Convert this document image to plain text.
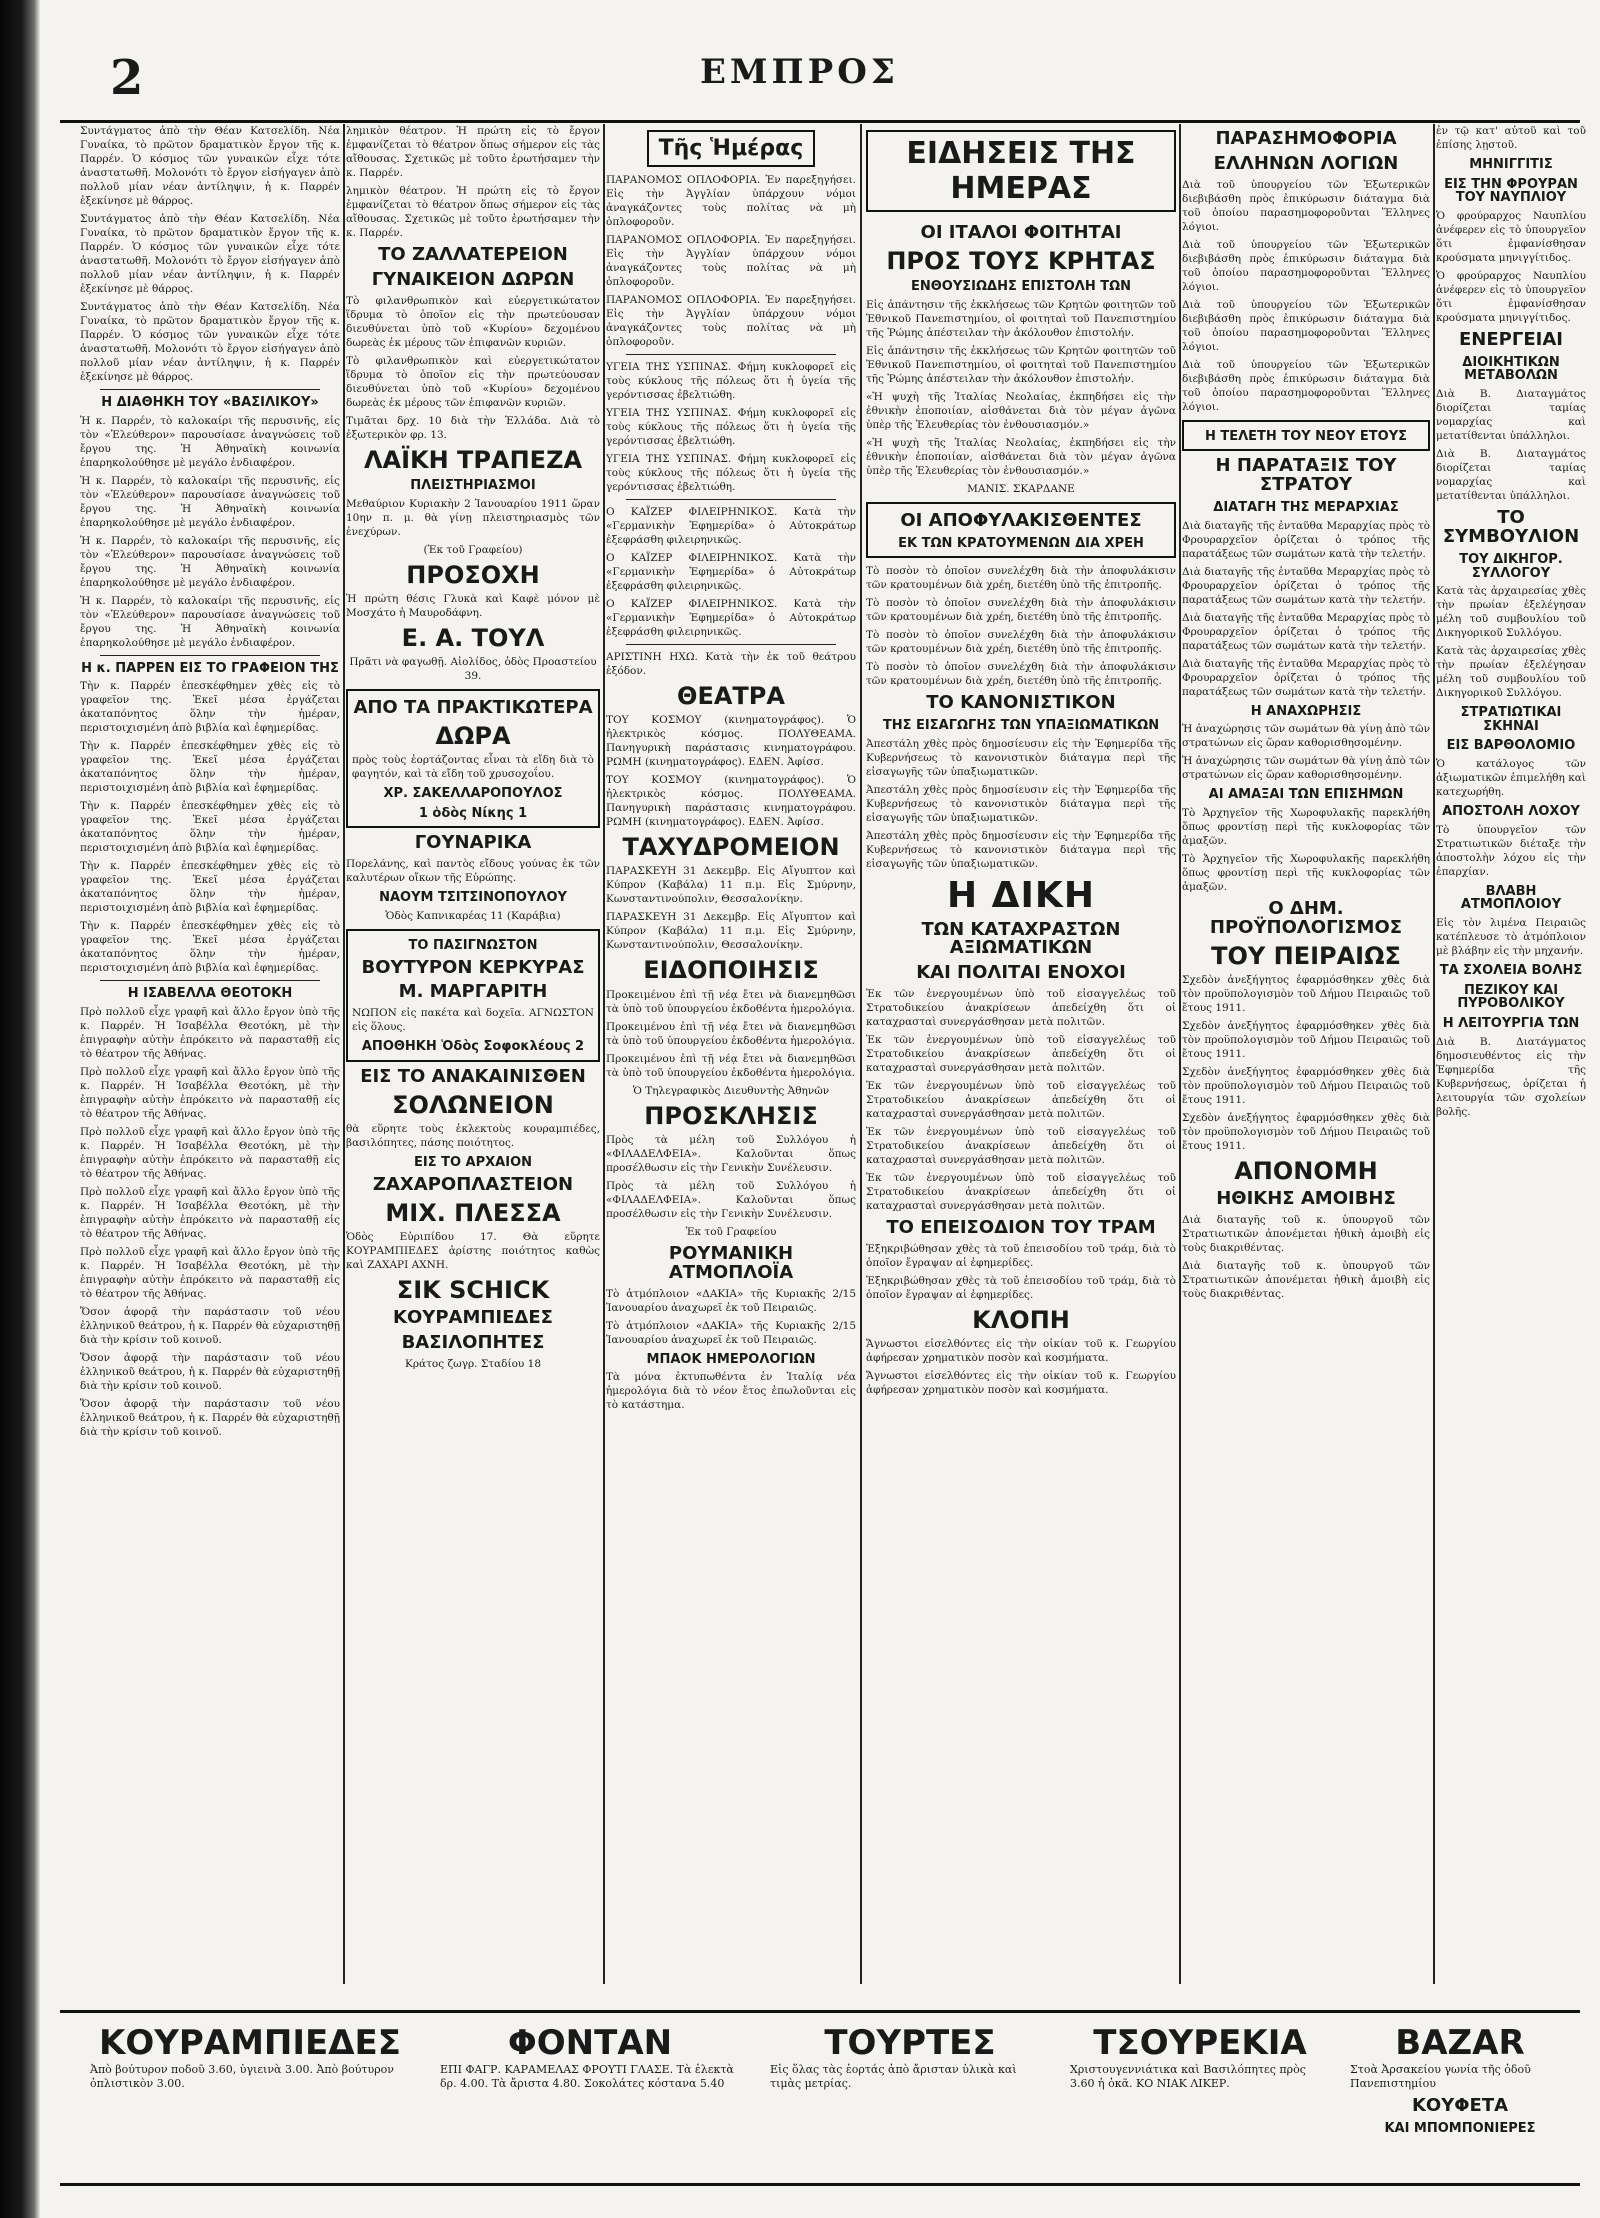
2	ΕΜΠΡΟΣ

Συντάγματος ἀπὸ τὴν Θέαν Κατσελίδη. Νέα Γυναίκα, τὸ πρῶτον δραματικὸν ἔργον τῆς κ. Παρρέν. Ὁ κόσμος τῶν γυναικῶν εἶχε τότε ἀναστατωθῆ. Μολονότι τὸ ἔργον εἰσήγαγεν ἀπὸ πολλοῦ μίαν νέαν ἀντίληψιν, ἡ κ. Παρρέν ἐξεκίνησε μὲ θάρρος.

Συντάγματος ἀπὸ τὴν Θέαν Κατσελίδη. Νέα Γυναίκα, τὸ πρῶτον δραματικὸν ἔργον τῆς κ. Παρρέν. Ὁ κόσμος τῶν γυναικῶν εἶχε τότε ἀναστατωθῆ. Μολονότι τὸ ἔργον εἰσήγαγεν ἀπὸ πολλοῦ μίαν νέαν ἀντίληψιν, ἡ κ. Παρρέν ἐξεκίνησε μὲ θάρρος.

Συντάγματος ἀπὸ τὴν Θέαν Κατσελίδη. Νέα Γυναίκα, τὸ πρῶτον δραματικὸν ἔργον τῆς κ. Παρρέν. Ὁ κόσμος τῶν γυναικῶν εἶχε τότε ἀναστατωθῆ. Μολονότι τὸ ἔργον εἰσήγαγεν ἀπὸ πολλοῦ μίαν νέαν ἀντίληψιν, ἡ κ. Παρρέν ἐξεκίνησε μὲ θάρρος.

Η ΔΙΑΘΗΚΗ ΤΟΥ «ΒΑΣΙΛΙΚΟΥ»

Ἡ κ. Παρρέν, τὸ καλοκαίρι τῆς περυσινῆς, εἰς τὸν «Ἐλεύθερον» παρουσίασε ἀναγνώσεις τοῦ ἔργου της. Ἡ Ἀθηναϊκὴ κοινωνία ἐπαρηκολούθησε μὲ μεγάλο ἐνδιαφέρον.

Ἡ κ. Παρρέν, τὸ καλοκαίρι τῆς περυσινῆς, εἰς τὸν «Ἐλεύθερον» παρουσίασε ἀναγνώσεις τοῦ ἔργου της. Ἡ Ἀθηναϊκὴ κοινωνία ἐπαρηκολούθησε μὲ μεγάλο ἐνδιαφέρον.

Ἡ κ. Παρρέν, τὸ καλοκαίρι τῆς περυσινῆς, εἰς τὸν «Ἐλεύθερον» παρουσίασε ἀναγνώσεις τοῦ ἔργου της. Ἡ Ἀθηναϊκὴ κοινωνία ἐπαρηκολούθησε μὲ μεγάλο ἐνδιαφέρον.

Ἡ κ. Παρρέν, τὸ καλοκαίρι τῆς περυσινῆς, εἰς τὸν «Ἐλεύθερον» παρουσίασε ἀναγνώσεις τοῦ ἔργου της. Ἡ Ἀθηναϊκὴ κοινωνία ἐπαρηκολούθησε μὲ μεγάλο ἐνδιαφέρον.

Η κ. ΠΑΡΡΕΝ ΕΙΣ ΤΟ ΓΡΑΦΕΙΟΝ ΤΗΣ

Τὴν κ. Παρρέν ἐπεσκέφθημεν χθὲς εἰς τὸ γραφεῖον της. Ἐκεῖ μέσα ἐργάζεται ἀκαταπόνητος ὅλην τὴν ἡμέραν, περιστοιχισμένη ἀπὸ βιβλία καὶ ἐφημερίδας.

Τὴν κ. Παρρέν ἐπεσκέφθημεν χθὲς εἰς τὸ γραφεῖον της. Ἐκεῖ μέσα ἐργάζεται ἀκαταπόνητος ὅλην τὴν ἡμέραν, περιστοιχισμένη ἀπὸ βιβλία καὶ ἐφημερίδας.

Τὴν κ. Παρρέν ἐπεσκέφθημεν χθὲς εἰς τὸ γραφεῖον της. Ἐκεῖ μέσα ἐργάζεται ἀκαταπόνητος ὅλην τὴν ἡμέραν, περιστοιχισμένη ἀπὸ βιβλία καὶ ἐφημερίδας.

Τὴν κ. Παρρέν ἐπεσκέφθημεν χθὲς εἰς τὸ γραφεῖον της. Ἐκεῖ μέσα ἐργάζεται ἀκαταπόνητος ὅλην τὴν ἡμέραν, περιστοιχισμένη ἀπὸ βιβλία καὶ ἐφημερίδας.

Τὴν κ. Παρρέν ἐπεσκέφθημεν χθὲς εἰς τὸ γραφεῖον της. Ἐκεῖ μέσα ἐργάζεται ἀκαταπόνητος ὅλην τὴν ἡμέραν, περιστοιχισμένη ἀπὸ βιβλία καὶ ἐφημερίδας.

Η ΙΣΑΒΕΛΛΑ ΘΕΟΤΟΚΗ

Πρὸ πολλοῦ εἶχε γραφῆ καὶ ἄλλο ἔργον ὑπὸ τῆς κ. Παρρέν. Ἡ Ἰσαβέλλα Θεοτόκη, μὲ τὴν ἐπιγραφὴν αὐτὴν ἐπρόκειτο νὰ παρασταθῇ εἰς τὸ θέατρον τῆς Ἀθήνας.

Πρὸ πολλοῦ εἶχε γραφῆ καὶ ἄλλο ἔργον ὑπὸ τῆς κ. Παρρέν. Ἡ Ἰσαβέλλα Θεοτόκη, μὲ τὴν ἐπιγραφὴν αὐτὴν ἐπρόκειτο νὰ παρασταθῇ εἰς τὸ θέατρον τῆς Ἀθήνας.

Πρὸ πολλοῦ εἶχε γραφῆ καὶ ἄλλο ἔργον ὑπὸ τῆς κ. Παρρέν. Ἡ Ἰσαβέλλα Θεοτόκη, μὲ τὴν ἐπιγραφὴν αὐτὴν ἐπρόκειτο νὰ παρασταθῇ εἰς τὸ θέατρον τῆς Ἀθήνας.

Πρὸ πολλοῦ εἶχε γραφῆ καὶ ἄλλο ἔργον ὑπὸ τῆς κ. Παρρέν. Ἡ Ἰσαβέλλα Θεοτόκη, μὲ τὴν ἐπιγραφὴν αὐτὴν ἐπρόκειτο νὰ παρασταθῇ εἰς τὸ θέατρον τῆς Ἀθήνας.

Πρὸ πολλοῦ εἶχε γραφῆ καὶ ἄλλο ἔργον ὑπὸ τῆς κ. Παρρέν. Ἡ Ἰσαβέλλα Θεοτόκη, μὲ τὴν ἐπιγραφὴν αὐτὴν ἐπρόκειτο νὰ παρασταθῇ εἰς τὸ θέατρον τῆς Ἀθήνας.

Ὅσον ἀφορᾷ τὴν παράστασιν τοῦ νέου ἐλληνικοῦ θεάτρου, ἡ κ. Παρρέν θὰ εὐχαριστηθῇ διὰ τὴν κρίσιν τοῦ κοινοῦ.

Ὅσον ἀφορᾷ τὴν παράστασιν τοῦ νέου ἐλληνικοῦ θεάτρου, ἡ κ. Παρρέν θὰ εὐχαριστηθῇ διὰ τὴν κρίσιν τοῦ κοινοῦ.

Ὅσον ἀφορᾷ τὴν παράστασιν τοῦ νέου ἐλληνικοῦ θεάτρου, ἡ κ. Παρρέν θὰ εὐχαριστηθῇ διὰ τὴν κρίσιν τοῦ κοινοῦ.

λημικὸν θέατρον. Ἡ πρώτη εἰς τὸ ἔργον ἐμφανίζεται τὸ θέατρον ὅπως σήμερον εἰς τὰς αἴθουσας. Σχετικῶς μὲ τοῦτο ἐρωτήσαμεν τὴν κ. Παρρέν.

λημικὸν θέατρον. Ἡ πρώτη εἰς τὸ ἔργον ἐμφανίζεται τὸ θέατρον ὅπως σήμερον εἰς τὰς αἴθουσας. Σχετικῶς μὲ τοῦτο ἐρωτήσαμεν τὴν κ. Παρρέν.

ΤΟ ΖΑΛΛΑΤΕΡΕΙΟΝ
ΓΥΝΑΙΚΕΙΟΝ ΔΩΡΩΝ

Τὸ φιλανθρωπικὸν καὶ εὐεργετικώτατον ἵδρυμα τὸ ὁποῖον εἰς τὴν πρωτεύουσαν διευθύνεται ὑπὸ τοῦ «Κυρίου» δεχομένου δωρεὰς ἐκ μέρους τῶν ἐπιφανῶν κυριῶν.

Τὸ φιλανθρωπικὸν καὶ εὐεργετικώτατον ἵδρυμα τὸ ὁποῖον εἰς τὴν πρωτεύουσαν διευθύνεται ὑπὸ τοῦ «Κυρίου» δεχομένου δωρεὰς ἐκ μέρους τῶν ἐπιφανῶν κυριῶν.

Τιμᾶται δρχ. 10 διὰ τὴν Ἑλλάδα. Διὰ τὸ ἐξωτερικὸν φρ. 13.

ΛΑΪΚΗ ΤΡΑΠΕΖΑ
ΠΛΕΙΣΤΗΡΙΑΣΜΟΙ

Μεθαύριον Κυριακὴν 2 Ἰανουαρίου 1911 ὥραν 10ην π. μ. θὰ γίνῃ πλειστηριασμὸς τῶν ἐνεχύρων.

(Ἐκ τοῦ Γραφείου)

ΠΡΟΣΟΧΗ

Ἡ πρώτη θέσις Γλυκὰ καὶ Καφὲ μόνον μὲ Μοσχάτο ἡ Μαυροδάφνη.

Ε. Α. ΤΟΥΛ

Πρᾶτι νὰ φαγωθῇ. Αἰολίδος, ὁδὸς Προαστείου 39.

ΑΠΟ ΤΑ ΠΡΑΚΤΙΚΩΤΕΡΑ
ΔΩΡΑ

πρὸς τοὺς ἑορτάζοντας εἶναι τὰ εἴδη διὰ τὸ φαγητόν, καὶ τὰ εἴδη τοῦ χρυσοχοΐου.

ΧΡ. ΣΑΚΕΛΛΑΡΟΠΟΥΛΟΣ
1 ὁδὸς Νίκης 1
ΓΟΥΝΑΡΙΚΑ

Πορελάνης, καὶ παντὸς εἴδους γούνας ἐκ τῶν καλυτέρων οἴκων τῆς Εὐρώπης.

ΝΑΟΥΜ ΤΣΙΤΣΙΝΟΠΟΥΛΟΥ

Ὁδὸς Καπνικαρέας 11 (Καράβια)

ΤΟ ΠΑΣΙΓΝΩΣΤΟΝ
ΒΟΥΤΥΡΟΝ ΚΕΡΚΥΡΑΣ
Μ. ΜΑΡΓΑΡΙΤΗ

ΝΩΠΟΝ εἰς πακέτα καὶ δοχεῖα. ΑΓΝΩΣΤΟΝ εἰς ὅλους.

ΑΠΟΘΗΚΗ Ὁδὸς Σοφοκλέους 2
ΕΙΣ ΤΟ ΑΝΑΚΑΙΝΙΣΘΕΝ
ΣΟΛΩΝΕΙΟΝ

θὰ εὕρητε τοὺς ἐκλεκτοὺς κουραμπιέδες, βασιλόπητες, πάσης ποιότητος.

ΕΙΣ ΤΟ ΑΡΧΑΙΟΝ
ΖΑΧΑΡΟΠΛΑΣΤΕΙΟΝ
ΜΙΧ. ΠΛΕΣΣΑ

Ὁδὸς Εὐριπίδου 17. Θὰ εὕρητε ΚΟΥΡΑΜΠΙΕΔΕΣ ἀρίστης ποιότητος καθὼς καὶ ΖΑΧΑΡΙ ΑΧΝΗ.

ΣΙΚ SCHICK
ΚΟΥΡΑΜΠΙΕΔΕΣ
ΒΑΣΙΛΟΠΗΤΕΣ

Κράτος ζωγρ. Σταδίου 18

Τῆς Ἡμέρας

ΠΑΡΑΝΟΜΟΣ ΟΠΛΟΦΟΡΙΑ. Ἐν παρεξηγήσει. Εἰς τὴν Ἀγγλίαν ὑπάρχουν νόμοι ἀναγκάζοντες τοὺς πολίτας νὰ μὴ ὁπλοφοροῦν.

ΠΑΡΑΝΟΜΟΣ ΟΠΛΟΦΟΡΙΑ. Ἐν παρεξηγήσει. Εἰς τὴν Ἀγγλίαν ὑπάρχουν νόμοι ἀναγκάζοντες τοὺς πολίτας νὰ μὴ ὁπλοφοροῦν.

ΠΑΡΑΝΟΜΟΣ ΟΠΛΟΦΟΡΙΑ. Ἐν παρεξηγήσει. Εἰς τὴν Ἀγγλίαν ὑπάρχουν νόμοι ἀναγκάζοντες τοὺς πολίτας νὰ μὴ ὁπλοφοροῦν.

ΥΓΕΙΑ ΤΗΣ ΥΣΠΙΝΑΣ. Φήμη κυκλοφορεῖ εἰς τοὺς κύκλους τῆς πόλεως ὅτι ἡ ὑγεία τῆς γερόντισσας ἐβελτιώθη.

ΥΓΕΙΑ ΤΗΣ ΥΣΠΙΝΑΣ. Φήμη κυκλοφορεῖ εἰς τοὺς κύκλους τῆς πόλεως ὅτι ἡ ὑγεία τῆς γερόντισσας ἐβελτιώθη.

ΥΓΕΙΑ ΤΗΣ ΥΣΠΙΝΑΣ. Φήμη κυκλοφορεῖ εἰς τοὺς κύκλους τῆς πόλεως ὅτι ἡ ὑγεία τῆς γερόντισσας ἐβελτιώθη.

Ο ΚΑΪΖΕΡ ΦΙΛΕΙΡΗΝΙΚΟΣ. Κατὰ τὴν «Γερμανικὴν Ἐφημερίδα» ὁ Αὐτοκράτωρ ἐξεφράσθη φιλειρηνικῶς.

Ο ΚΑΪΖΕΡ ΦΙΛΕΙΡΗΝΙΚΟΣ. Κατὰ τὴν «Γερμανικὴν Ἐφημερίδα» ὁ Αὐτοκράτωρ ἐξεφράσθη φιλειρηνικῶς.

Ο ΚΑΪΖΕΡ ΦΙΛΕΙΡΗΝΙΚΟΣ. Κατὰ τὴν «Γερμανικὴν Ἐφημερίδα» ὁ Αὐτοκράτωρ ἐξεφράσθη φιλειρηνικῶς.

ΑΡΙΣΤΙΝΗ ΗΧΩ. Κατὰ τὴν ἐκ τοῦ θεάτρου ἐξόδον.

ΘΕΑΤΡΑ

ΤΟΥ ΚΟΣΜΟΥ (κινηματογράφος). Ὁ ἠλεκτρικὸς κόσμος. ΠΟΛΥΘΕΑΜΑ. Πανηγυρικὴ παράστασις κινηματογράφου. ΡΩΜΗ (κινηματογράφος). ΕΔΕΝ. Ἀφίσσ.

ΤΟΥ ΚΟΣΜΟΥ (κινηματογράφος). Ὁ ἠλεκτρικὸς κόσμος. ΠΟΛΥΘΕΑΜΑ. Πανηγυρικὴ παράστασις κινηματογράφου. ΡΩΜΗ (κινηματογράφος). ΕΔΕΝ. Ἀφίσσ.

ΤΑΧΥΔΡΟΜΕΙΟΝ

ΠΑΡΑΣΚΕΥΗ 31 Δεκεμβρ. Εἰς Αἴγυπτον καὶ Κύπρον (Καβάλα) 11 π.μ. Εἰς Σμύρνην, Κωνσταντινούπολιν, Θεσσαλονίκην.

ΠΑΡΑΣΚΕΥΗ 31 Δεκεμβρ. Εἰς Αἴγυπτον καὶ Κύπρον (Καβάλα) 11 π.μ. Εἰς Σμύρνην, Κωνσταντινούπολιν, Θεσσαλονίκην.

ΕΙΔΟΠΟΙΗΣΙΣ

Προκειμένου ἐπὶ τῇ νέᾳ ἔτει νὰ διανεμηθῶσι τὰ ὑπὸ τοῦ ὑπουργείου ἐκδοθέντα ἡμερολόγια.

Προκειμένου ἐπὶ τῇ νέᾳ ἔτει νὰ διανεμηθῶσι τὰ ὑπὸ τοῦ ὑπουργείου ἐκδοθέντα ἡμερολόγια.

Προκειμένου ἐπὶ τῇ νέᾳ ἔτει νὰ διανεμηθῶσι τὰ ὑπὸ τοῦ ὑπουργείου ἐκδοθέντα ἡμερολόγια.

Ὁ Τηλεγραφικὸς Διευθυντὴς Ἀθηνῶν

ΠΡΟΣΚΛΗΣΙΣ

Πρὸς τὰ μέλη τοῦ Συλλόγου ἡ «ΦΙΛΑΔΕΛΦΕΙΑ». Καλοῦνται ὅπως προσέλθωσιν εἰς τὴν Γενικὴν Συνέλευσιν.

Πρὸς τὰ μέλη τοῦ Συλλόγου ἡ «ΦΙΛΑΔΕΛΦΕΙΑ». Καλοῦνται ὅπως προσέλθωσιν εἰς τὴν Γενικὴν Συνέλευσιν.

Ἐκ τοῦ Γραφείου

ΡΟΥΜΑΝΙΚΗ ΑΤΜΟΠΛΟΪΑ

Τὸ ἀτμόπλοιον «ΔΑΚΙΑ» τῆς Κυριακῆς 2/15 Ἰανουαρίου ἀναχωρεῖ ἐκ τοῦ Πειραιῶς.

Τὸ ἀτμόπλοιον «ΔΑΚΙΑ» τῆς Κυριακῆς 2/15 Ἰανουαρίου ἀναχωρεῖ ἐκ τοῦ Πειραιῶς.

ΜΠΑΟΚ ΗΜΕΡΟΛΟΓΙΩΝ

Τὰ μόνα ἐκτυπωθέντα ἐν Ἰταλίᾳ νέα ἡμερολόγια διὰ τὸ νέον ἔτος ἐπωλοῦνται εἰς τὸ κατάστημα.

ΕΙΔΗΣΕΙΣ ΤΗΣ ΗΜΕΡΑΣ
ΟΙ ΙΤΑΛΟΙ ΦΟΙΤΗΤΑΙ
ΠΡΟΣ ΤΟΥΣ ΚΡΗΤΑΣ
ΕΝΘΟΥΣΙΩΔΗΣ ΕΠΙΣΤΟΛΗ ΤΩΝ

Εἰς ἀπάντησιν τῆς ἐκκλήσεως τῶν Κρητῶν φοιτητῶν τοῦ Ἐθνικοῦ Πανεπιστημίου, οἱ φοιτηταὶ τοῦ Πανεπιστημίου τῆς Ῥώμης ἀπέστειλαν τὴν ἀκόλουθον ἐπιστολήν.

Εἰς ἀπάντησιν τῆς ἐκκλήσεως τῶν Κρητῶν φοιτητῶν τοῦ Ἐθνικοῦ Πανεπιστημίου, οἱ φοιτηταὶ τοῦ Πανεπιστημίου τῆς Ῥώμης ἀπέστειλαν τὴν ἀκόλουθον ἐπιστολήν.

«Ἡ ψυχὴ τῆς Ἰταλίας Νεολαίας, ἐκπηδήσει εἰς τὴν ἐθνικὴν ἐποποιίαν, αἰσθάνεται διὰ τὸν μέγαν ἀγῶνα ὑπὲρ τῆς Ἐλευθερίας τὸν ἐνθουσιασμόν.»

«Ἡ ψυχὴ τῆς Ἰταλίας Νεολαίας, ἐκπηδήσει εἰς τὴν ἐθνικὴν ἐποποιίαν, αἰσθάνεται διὰ τὸν μέγαν ἀγῶνα ὑπὲρ τῆς Ἐλευθερίας τὸν ἐνθουσιασμόν.»

ΜΑΝΙΣ. ΣΚΑΡΔΑΝΕ

ΟΙ ΑΠΟΦΥΛΑΚΙΣΘΕΝΤΕΣ
ΕΚ ΤΩΝ ΚΡΑΤΟΥΜΕΝΩΝ ΔΙΑ ΧΡΕΗ

Τὸ ποσὸν τὸ ὁποῖον συνελέχθη διὰ τὴν ἀποφυλάκισιν τῶν κρατουμένων διὰ χρέη, διετέθη ὑπὸ τῆς ἐπιτροπῆς.

Τὸ ποσὸν τὸ ὁποῖον συνελέχθη διὰ τὴν ἀποφυλάκισιν τῶν κρατουμένων διὰ χρέη, διετέθη ὑπὸ τῆς ἐπιτροπῆς.

Τὸ ποσὸν τὸ ὁποῖον συνελέχθη διὰ τὴν ἀποφυλάκισιν τῶν κρατουμένων διὰ χρέη, διετέθη ὑπὸ τῆς ἐπιτροπῆς.

Τὸ ποσὸν τὸ ὁποῖον συνελέχθη διὰ τὴν ἀποφυλάκισιν τῶν κρατουμένων διὰ χρέη, διετέθη ὑπὸ τῆς ἐπιτροπῆς.

ΤΟ ΚΑΝΟΝΙΣΤΙΚΟΝ
ΤΗΣ ΕΙΣΑΓΩΓΗΣ ΤΩΝ ΥΠΑΞΙΩΜΑΤΙΚΩΝ

Ἀπεστάλη χθὲς πρὸς δημοσίευσιν εἰς τὴν Ἐφημερίδα τῆς Κυβερνήσεως τὸ κανονιστικὸν διάταγμα περὶ τῆς εἰσαγωγῆς τῶν ὑπαξιωματικῶν.

Ἀπεστάλη χθὲς πρὸς δημοσίευσιν εἰς τὴν Ἐφημερίδα τῆς Κυβερνήσεως τὸ κανονιστικὸν διάταγμα περὶ τῆς εἰσαγωγῆς τῶν ὑπαξιωματικῶν.

Ἀπεστάλη χθὲς πρὸς δημοσίευσιν εἰς τὴν Ἐφημερίδα τῆς Κυβερνήσεως τὸ κανονιστικὸν διάταγμα περὶ τῆς εἰσαγωγῆς τῶν ὑπαξιωματικῶν.

Η ΔΙΚΗ
ΤΩΝ ΚΑΤΑΧΡΑΣΤΩΝ ΑΞΙΩΜΑΤΙΚΩΝ
ΚΑΙ ΠΟΛΙΤΑΙ ΕΝΟΧΟΙ

Ἐκ τῶν ἐνεργουμένων ὑπὸ τοῦ εἰσαγγελέως τοῦ Στρατοδικείου ἀνακρίσεων ἀπεδείχθη ὅτι οἱ καταχρασταὶ συνεργάσθησαν μετὰ πολιτῶν.

Ἐκ τῶν ἐνεργουμένων ὑπὸ τοῦ εἰσαγγελέως τοῦ Στρατοδικείου ἀνακρίσεων ἀπεδείχθη ὅτι οἱ καταχρασταὶ συνεργάσθησαν μετὰ πολιτῶν.

Ἐκ τῶν ἐνεργουμένων ὑπὸ τοῦ εἰσαγγελέως τοῦ Στρατοδικείου ἀνακρίσεων ἀπεδείχθη ὅτι οἱ καταχρασταὶ συνεργάσθησαν μετὰ πολιτῶν.

Ἐκ τῶν ἐνεργουμένων ὑπὸ τοῦ εἰσαγγελέως τοῦ Στρατοδικείου ἀνακρίσεων ἀπεδείχθη ὅτι οἱ καταχρασταὶ συνεργάσθησαν μετὰ πολιτῶν.

Ἐκ τῶν ἐνεργουμένων ὑπὸ τοῦ εἰσαγγελέως τοῦ Στρατοδικείου ἀνακρίσεων ἀπεδείχθη ὅτι οἱ καταχρασταὶ συνεργάσθησαν μετὰ πολιτῶν.

ΤΟ ΕΠΕΙΣΟΔΙΟΝ ΤΟΥ ΤΡΑΜ

Ἐξηκριβώθησαν χθὲς τὰ τοῦ ἐπεισοδίου τοῦ τράμ, διὰ τὸ ὁποῖον ἔγραψαν αἱ ἐφημερίδες.

Ἐξηκριβώθησαν χθὲς τὰ τοῦ ἐπεισοδίου τοῦ τράμ, διὰ τὸ ὁποῖον ἔγραψαν αἱ ἐφημερίδες.

ΚΛΟΠΗ

Ἄγνωστοι εἰσελθόντες εἰς τὴν οἰκίαν τοῦ κ. Γεωργίου ἀφήρεσαν χρηματικὸν ποσὸν καὶ κοσμήματα.

Ἄγνωστοι εἰσελθόντες εἰς τὴν οἰκίαν τοῦ κ. Γεωργίου ἀφήρεσαν χρηματικὸν ποσὸν καὶ κοσμήματα.

ΠΑΡΑΣΗΜΟΦΟΡΙΑ
ΕΛΛΗΝΩΝ ΛΟΓΙΩΝ

Διὰ τοῦ ὑπουργείου τῶν Ἐξωτερικῶν διεβιβάσθη πρὸς ἐπικύρωσιν διάταγμα διὰ τοῦ ὁποίου παρασημοφοροῦνται Ἕλληνες λόγιοι.

Διὰ τοῦ ὑπουργείου τῶν Ἐξωτερικῶν διεβιβάσθη πρὸς ἐπικύρωσιν διάταγμα διὰ τοῦ ὁποίου παρασημοφοροῦνται Ἕλληνες λόγιοι.

Διὰ τοῦ ὑπουργείου τῶν Ἐξωτερικῶν διεβιβάσθη πρὸς ἐπικύρωσιν διάταγμα διὰ τοῦ ὁποίου παρασημοφοροῦνται Ἕλληνες λόγιοι.

Διὰ τοῦ ὑπουργείου τῶν Ἐξωτερικῶν διεβιβάσθη πρὸς ἐπικύρωσιν διάταγμα διὰ τοῦ ὁποίου παρασημοφοροῦνται Ἕλληνες λόγιοι.

Η ΤΕΛΕΤΗ ΤΟΥ ΝΕΟΥ ΕΤΟΥΣ
Η ΠΑΡΑΤΑΞΙΣ ΤΟΥ ΣΤΡΑΤΟΥ
ΔΙΑΤΑΓΗ ΤΗΣ ΜΕΡΑΡΧΙΑΣ

Διὰ διαταγῆς τῆς ἐνταῦθα Μεραρχίας πρὸς τὸ Φρουραρχεῖον ὁρίζεται ὁ τρόπος τῆς παρατάξεως τῶν σωμάτων κατὰ τὴν τελετήν.

Διὰ διαταγῆς τῆς ἐνταῦθα Μεραρχίας πρὸς τὸ Φρουραρχεῖον ὁρίζεται ὁ τρόπος τῆς παρατάξεως τῶν σωμάτων κατὰ τὴν τελετήν.

Διὰ διαταγῆς τῆς ἐνταῦθα Μεραρχίας πρὸς τὸ Φρουραρχεῖον ὁρίζεται ὁ τρόπος τῆς παρατάξεως τῶν σωμάτων κατὰ τὴν τελετήν.

Διὰ διαταγῆς τῆς ἐνταῦθα Μεραρχίας πρὸς τὸ Φρουραρχεῖον ὁρίζεται ὁ τρόπος τῆς παρατάξεως τῶν σωμάτων κατὰ τὴν τελετήν.

Η ΑΝΑΧΩΡΗΣΙΣ

Ἡ ἀναχώρησις τῶν σωμάτων θὰ γίνῃ ἀπὸ τῶν στρατώνων εἰς ὥραν καθορισθησομένην.

Ἡ ἀναχώρησις τῶν σωμάτων θὰ γίνῃ ἀπὸ τῶν στρατώνων εἰς ὥραν καθορισθησομένην.

ΑΙ ΑΜΑΞΑΙ ΤΩΝ ΕΠΙΣΗΜΩΝ

Τὸ Ἀρχηγεῖον τῆς Χωροφυλακῆς παρεκλήθη ὅπως φροντίσῃ περὶ τῆς κυκλοφορίας τῶν ἁμαξῶν.

Τὸ Ἀρχηγεῖον τῆς Χωροφυλακῆς παρεκλήθη ὅπως φροντίσῃ περὶ τῆς κυκλοφορίας τῶν ἁμαξῶν.

Ο ΔΗΜ. ΠΡΟΫΠΟΛΟΓΙΣΜΟΣ
ΤΟΥ ΠΕΙΡΑΙΩΣ

Σχεδὸν ἀνεξήγητος ἐφαρμόσθηκεν χθὲς διὰ τὸν προϋπολογισμὸν τοῦ Δήμου Πειραιῶς τοῦ ἔτους 1911.

Σχεδὸν ἀνεξήγητος ἐφαρμόσθηκεν χθὲς διὰ τὸν προϋπολογισμὸν τοῦ Δήμου Πειραιῶς τοῦ ἔτους 1911.

Σχεδὸν ἀνεξήγητος ἐφαρμόσθηκεν χθὲς διὰ τὸν προϋπολογισμὸν τοῦ Δήμου Πειραιῶς τοῦ ἔτους 1911.

Σχεδὸν ἀνεξήγητος ἐφαρμόσθηκεν χθὲς διὰ τὸν προϋπολογισμὸν τοῦ Δήμου Πειραιῶς τοῦ ἔτους 1911.

ΑΠΟΝΟΜΗ
ΗΘΙΚΗΣ ΑΜΟΙΒΗΣ

Διὰ διαταγῆς τοῦ κ. ὑπουργοῦ τῶν Στρατιωτικῶν ἀπονέμεται ἠθικὴ ἀμοιβὴ εἰς τοὺς διακριθέντας.

Διὰ διαταγῆς τοῦ κ. ὑπουργοῦ τῶν Στρατιωτικῶν ἀπονέμεται ἠθικὴ ἀμοιβὴ εἰς τοὺς διακριθέντας.

ἐν τῷ κατ' αὐτοῦ καὶ τοῦ ἐπίσης λῃστοῦ.

ΜΗΝΙΓΓΙΤΙΣ
ΕΙΣ ΤΗΝ ΦΡΟΥΡΑΝ ΤΟΥ ΝΑΥΠΛΙΟΥ

Ὁ φρούραρχος Ναυπλίου ἀνέφερεν εἰς τὸ ὑπουργεῖον ὅτι ἐμφανίσθησαν κρούσματα μηνιγγίτιδος.

Ὁ φρούραρχος Ναυπλίου ἀνέφερεν εἰς τὸ ὑπουργεῖον ὅτι ἐμφανίσθησαν κρούσματα μηνιγγίτιδος.

ΕΝΕΡΓΕΙΑΙ
ΔΙΟΙΚΗΤΙΚΩΝ ΜΕΤΑΒΟΛΩΝ

Διὰ Β. Διαταγμάτος διορίζεται ταμίας νομαρχίας καὶ μετατίθενται ὑπάλληλοι.

Διὰ Β. Διαταγμάτος διορίζεται ταμίας νομαρχίας καὶ μετατίθενται ὑπάλληλοι.

ΤΟ ΣΥΜΒΟΥΛΙΟΝ
ΤΟΥ ΔΙΚΗΓΟΡ. ΣΥΛΛΟΓΟΥ

Κατὰ τὰς ἀρχαιρεσίας χθὲς τὴν πρωίαν ἐξελέγησαν μέλη τοῦ συμβουλίου τοῦ Δικηγορικοῦ Συλλόγου.

Κατὰ τὰς ἀρχαιρεσίας χθὲς τὴν πρωίαν ἐξελέγησαν μέλη τοῦ συμβουλίου τοῦ Δικηγορικοῦ Συλλόγου.

ΣΤΡΑΤΙΩΤΙΚΑΙ ΣΚΗΝΑΙ
ΕΙΣ ΒΑΡΘΟΛΟΜΙΟ

Ὁ κατάλογος τῶν ἀξιωματικῶν ἐπιμελήθη καὶ κατεχωρήθη.

ΑΠΟΣΤΟΛΗ ΛΟΧΟΥ

Τὸ ὑπουργεῖον τῶν Στρατιωτικῶν διέταξε τὴν ἀποστολὴν λόχου εἰς τὴν ἐπαρχίαν.

ΒΛΑΒΗ ΑΤΜΟΠΛΟΙΟΥ

Εἰς τὸν λιμένα Πειραιῶς κατέπλευσε τὸ ἀτμόπλοιον μὲ βλάβην εἰς τὴν μηχανήν.

ΤΑ ΣΧΟΛΕΙΑ ΒΟΛΗΣ
ΠΕΖΙΚΟΥ ΚΑΙ ΠΥΡΟΒΟΛΙΚΟΥ
Η ΛΕΙΤΟΥΡΓΙΑ ΤΩΝ

Διὰ Β. Διατάγματος δημοσιευθέντος εἰς τὴν Ἐφημερίδα τῆς Κυβερνήσεως, ὁρίζεται ἡ λειτουργία τῶν σχολείων βολῆς.

ΚΟΥΡΑΜΠΙΕΔΕΣ
Ἀπὸ βούτυρον ποδοῦ 3.60, ὑγιεινὰ 3.00. Ἀπὸ βούτυρον ὁπλιστικὸν 3.00.
ΦΟΝΤΑΝ
ΕΠΙ ΦΑΓΡ. ΚΑΡΑΜΕΛΑΣ ΦΡΟΥΤΙ ΓΛΑΣΕ. Τὰ ἐλεκτὰ δρ. 4.00. Τὰ ἄριστα 4.80. Σοκολάτες κόστανα 5.40
ΤΟΥΡΤΕΣ
Εἰς ὅλας τὰς ἑορτάς ἀπὸ ἄρισταν ὑλικὰ καὶ τιμὰς μετρίας.
ΤΣΟΥΡΕΚΙΑ
Χριστουγεννιάτικα καὶ Βασιλόπητες πρὸς 3.60 ἡ ὀκᾶ. ΚΟ ΝΙΑΚ ΛΙΚΕΡ.
BAZAR
Στοὰ Ἀρσακείου γωνία τῆς ὁδοῦ Πανεπιστημίου
ΚΟΥΦΕΤΑ
ΚΑΙ ΜΠΟΜΠΟΝΙΕΡΕΣ
